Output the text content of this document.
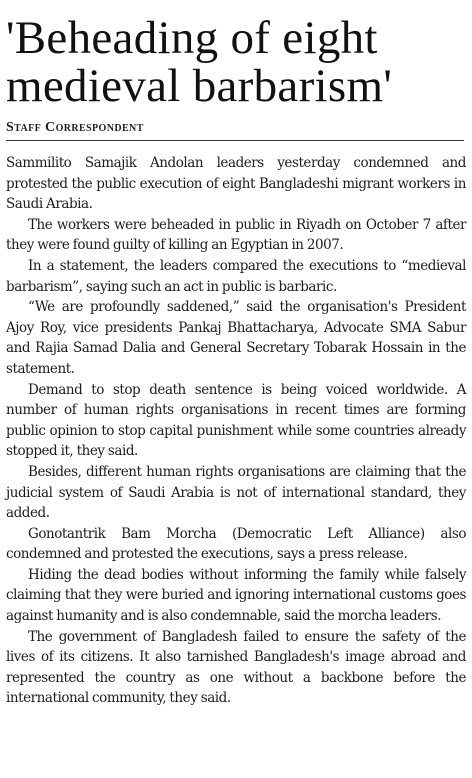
'Beheading of eight
medieval barbarism'
Staff Correspondent

Sammilito Samajik Andolan leaders yesterday condemned and protested the public execution of eight Bangladeshi migrant workers in Saudi Arabia.

The workers were beheaded in public in Riyadh on October 7 after they were found guilty of killing an Egyptian in 2007.

In a statement, the leaders compared the executions to “medieval barbarism”, saying such an act in public is barbaric.

“We are profoundly saddened,” said the organisation's President Ajoy Roy, vice presidents Pankaj Bhattacharya, Advocate SMA Sabur and Rajia Samad Dalia and General Secretary Tobarak Hossain in the statement.

Demand to stop death sentence is being voiced worldwide. A number of human rights organisations in recent times are forming public opinion to stop capital punishment while some countries already stopped it, they said.

Besides, different human rights organisations are claiming that the judicial system of Saudi Arabia is not of international standard, they added.

Gonotantrik Bam Morcha (Democratic Left Alliance) also condemned and protested the executions, says a press release.

Hiding the dead bodies without informing the family while falsely claiming that they were buried and ignoring international customs goes against humanity and is also condemnable, said the morcha leaders.

The government of Bangladesh failed to ensure the safety of the lives of its citizens. It also tarnished Bangladesh's image abroad and represented the country as one without a backbone before the international community, they said.
